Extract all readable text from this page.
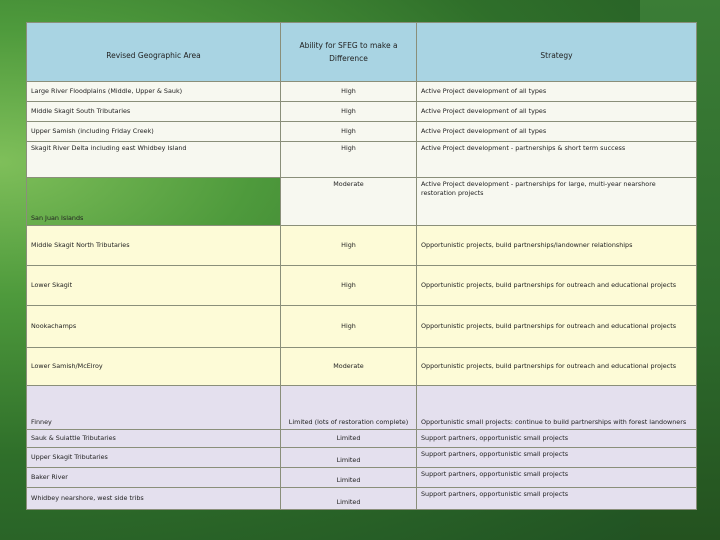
Revised Geographic Area	Ability for SFEG to make a Difference	Strategy
Large River Floodplains (Middle, Upper & Sauk)	High	Active Project development of all types
Middle Skagit South Tributaries	High	Active Project development of all types
Upper Samish (including Friday Creek)	High	Active Project development of all types
Skagit River Delta including east Whidbey Island	High	Active Project development - partnerships & short term success
San Juan Islands	Moderate	Active Project development - partnerships for large, multi-year nearshore restoration projects
Middle Skagit North Tributaries	High	Opportunistic projects, build partnerships/landowner relationships
Lower Skagit	High	Opportunistic projects, build partnerships for outreach and educational projects
Nookachamps	High	Opportunistic projects, build partnerships for outreach and educational projects
Lower Samish/McElroy	Moderate	Opportunistic projects, build partnerships for outreach and educational projects
Finney	Limited (lots of restoration complete)	Opportunistic small projects: continue to build partnerships with forest landowners
Sauk & Suiattle Tributaries	Limited	Support partners, opportunistic small projects
Upper Skagit Tributaries	Limited	Support partners, opportunistic small projects
Baker River	Limited	Support partners, opportunistic small projects
Whidbey nearshore, west side tribs	Limited	Support partners, opportunistic small projects
